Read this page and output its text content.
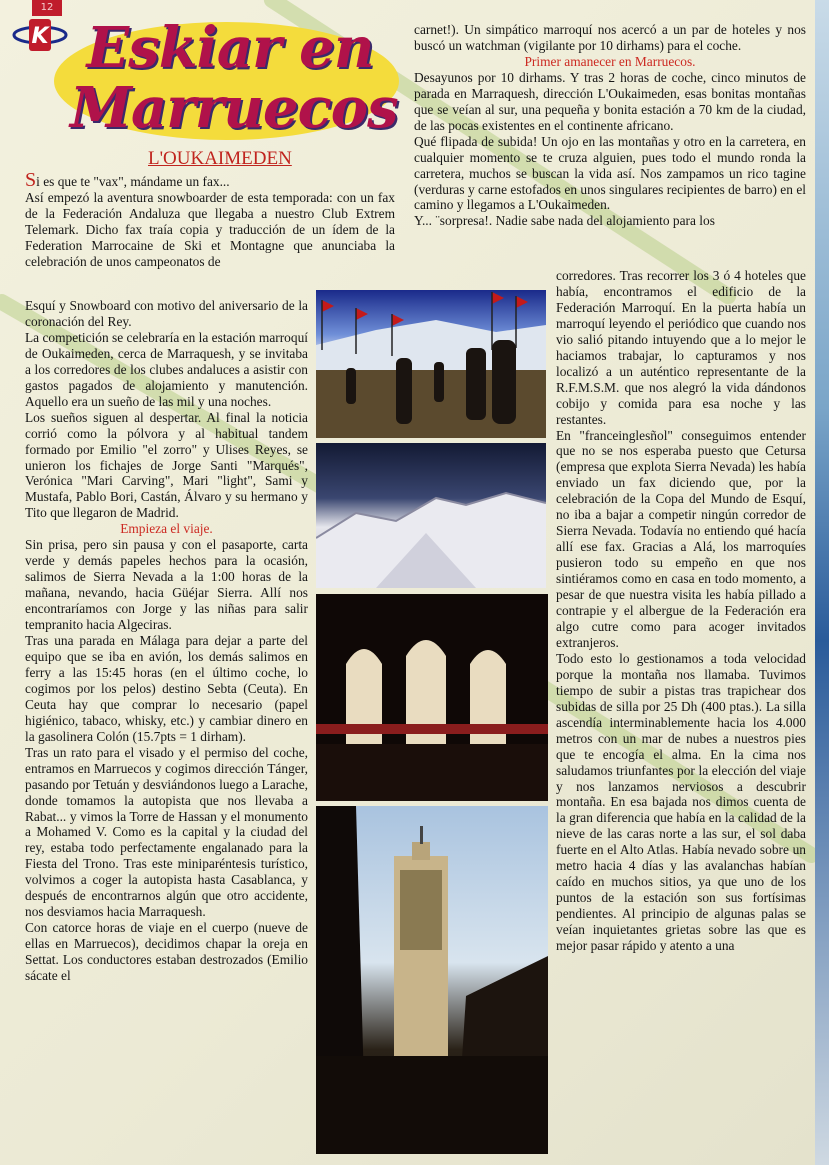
12
K Eskiar en
Marruecos
L'OUKAIMEDEN

Si es que te "vax", mándame un fax...

Así empezó la aventura snowboarder de esta temporada: con un fax de la Federación Andaluza que llegaba a nuestro Club Extrem Telemark. Dicho fax traía copia y traducción de un ídem de la Federation Marrocaine de Ski et Montagne que anunciaba la celebración de unos campeonatos de

Esquí y Snowboard con motivo del aniversario de la coronación del Rey.

La competición se celebraría en la estación marroquí de Oukaimeden, cerca de Marraquesh, y se invitaba a los corredores de los clubes andaluces a asistir con gastos pagados de alojamiento y manutención. Aquello era un sueño de las mil y una noches.

Los sueños siguen al despertar. Al final la noticia corrió como la pólvora y al habitual tandem formado por Emilio "el zorro" y Ulises Reyes, se unieron los fichajes de Jorge Santi "Marqués", Verónica "Mari Carving", Mari "light", Sami y Mustafa, Pablo Bori, Castán, Álvaro y su hermano y Tito que llegaron de Madrid.

Empieza el viaje.

Sin prisa, pero sin pausa y con el pasaporte, carta verde y demás papeles hechos para la ocasión, salimos de Sierra Nevada a la 1:00 horas de la mañana, nevando, hacia Güéjar Sierra. Allí nos encontraríamos con Jorge y las niñas para salir tempranito hacia Algeciras.

Tras una parada en Málaga para dejar a parte del equipo que se iba en avión, los demás salimos en ferry a las 15:45 horas (en el último coche, lo cogimos por los pelos) destino Sebta (Ceuta). En Ceuta hay que comprar lo necesario (papel higiénico, tabaco, whisky, etc.) y cambiar dinero en la gasolinera Colón (15.7pts = 1 dirham).

Tras un rato para el visado y el permiso del coche, entramos en Marruecos y cogimos dirección Tánger, pasando por Tetuán y desviándonos luego a Larache, donde tomamos la autopista que nos llevaba a Rabat... y vimos la Torre de Hassan y el monumento a Mohamed V. Como es la capital y la ciudad del rey, estaba todo perfectamente engalanado para la Fiesta del Trono. Tras este miniparéntesis turístico, volvimos a coger la autopista hasta Casablanca, y después de encontrarnos algún que otro accidente, nos desviamos hacia Marraquesh.

Con catorce horas de viaje en el cuerpo (nueve de ellas en Marruecos), decidimos chapar la oreja en Settat. Los conductores estaban destrozados (Emilio sácate el

carnet!). Un simpático marroquí nos acercó a un par de hoteles y nos buscó un watchman (vigilante por 10 dirhams) para el coche.

Primer amanecer en Marruecos.

Desayunos por 10 dirhams. Y tras 2 horas de coche, cinco minutos de parada en Marraquesh, dirección L'Oukaimeden, esas bonitas montañas que se veían al sur, una pequeña y bonita estación a 70 km de la ciudad, de las pocas existentes en el continente africano.

Qué flipada de subida! Un ojo en las montañas y otro en la carretera, en cualquier momento se te cruza alguien, pues todo el mundo ronda la carretera, muchos se buscan la vida así. Nos zampamos un rico tagine (verduras y carne estofados en unos singulares recipientes de barro) en el camino y llegamos a L'Oukaimeden.

Y... ¨sorpresa!. Nadie sabe nada del alojamiento para los

corredores. Tras recorrer los 3 ó 4 hoteles que había, encontramos el edificio de la Federación Marroquí. En la puerta había un marroquí leyendo el periódico que cuando nos vio salió pitando intuyendo que a lo mejor le haciamos trabajar, lo capturamos y nos localizó a un auténtico representante de la R.F.M.S.M. que nos alegró la vida dándonos cobijo y comida para esa noche y las restantes.

En "franceinglesñol" conseguimos entender que no se nos esperaba puesto que Cetursa (empresa que explota Sierra Nevada) les había enviado un fax diciendo que, por la celebración de la Copa del Mundo de Esquí, no iba a bajar a competir ningún corredor de Sierra Nevada. Todavía no entiendo qué hacía allí ese fax. Gracias a Alá, los marroquíes pusieron todo su empeño en que nos sintiéramos como en casa en todo momento, a pesar de que nuestra visita les había pillado a contrapie y el albergue de la Federación era algo cutre como para acoger invitados extranjeros.

Todo esto lo gestionamos a toda velocidad porque la montaña nos llamaba. Tuvimos tiempo de subir a pistas tras trapichear dos subidas de silla por 25 Dh (400 ptas.). La silla ascendía interminablemente hacia los 4.000 metros con un mar de nubes a nuestros pies que te encogía el alma. En la cima nos saludamos triunfantes por la elección del viaje y nos lanzamos nerviosos a descubrir montaña. En esa bajada nos dimos cuenta de la gran diferencia que había en la calidad de la nieve de las caras norte a las sur, el sol daba fuerte en el Alto Atlas. Había nevado sobre un metro hacia 4 días y las avalanchas habían caído en muchos sitios, ya que uno de los puntos de la estación son sus fortísimas pendientes. Al principio de algunas palas se veían inquietantes grietas sobre las que es mejor pasar rápido y atento a una
